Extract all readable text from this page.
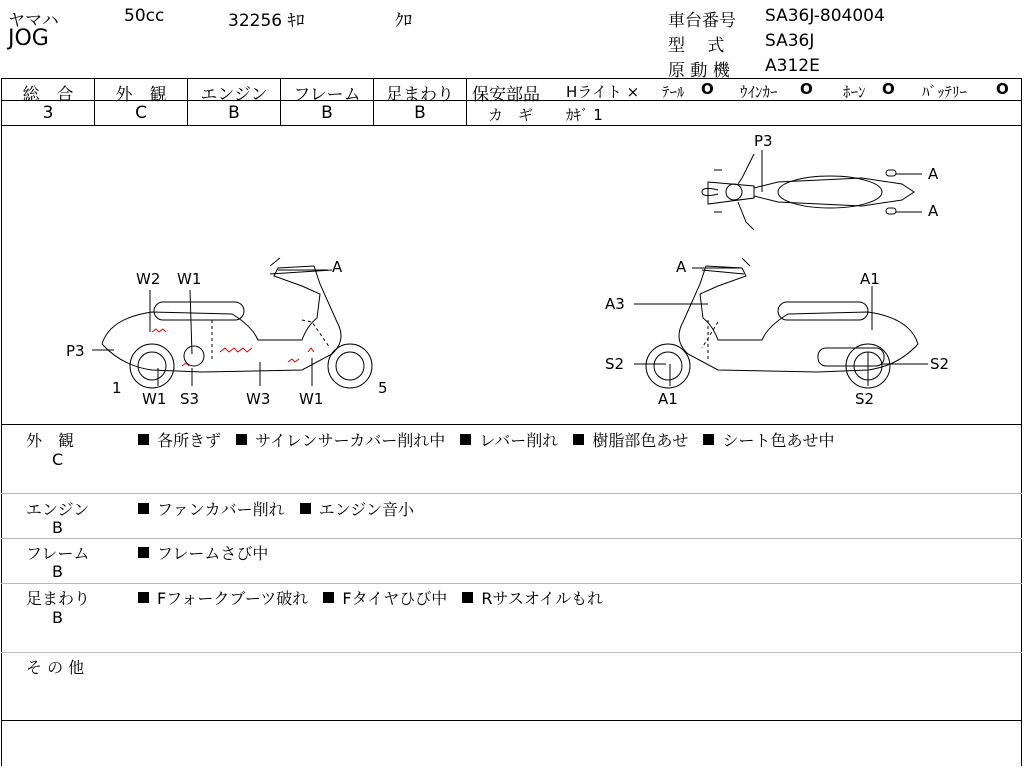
ヤマハ	50cc	32256 ｷﾛ	ｸﾛ
JOG
車台番号 SA36J-804004
型　 式 SA36J
原 動 機 A312E
総　合
3
外　観
C
エンジン
B
フレーム
B
足まわり
B
保安部品 Hライト × ﾃｰﾙ O ｳｲﾝｶｰ O ﾎｰﾝ O ﾊﾞｯﾃﾘｰ O
カ　ギ ｶｷﾞ 1
A
W2 W1
P3
1
W1 S3	W3 W1
5
P3
A
A
A
A1
A3
S2	S2
A1	S2
外　観
C
各所きず サイレンサーカバー削れ中 レバー削れ 樹脂部色あせ シート色あせ中
エンジン
B
ファンカバー削れ エンジン音小
フレーム
B
フレームさび中
足まわり
B
Fフォークブーツ破れ Fタイヤひび中 Rサスオイルもれ
そ の 他
